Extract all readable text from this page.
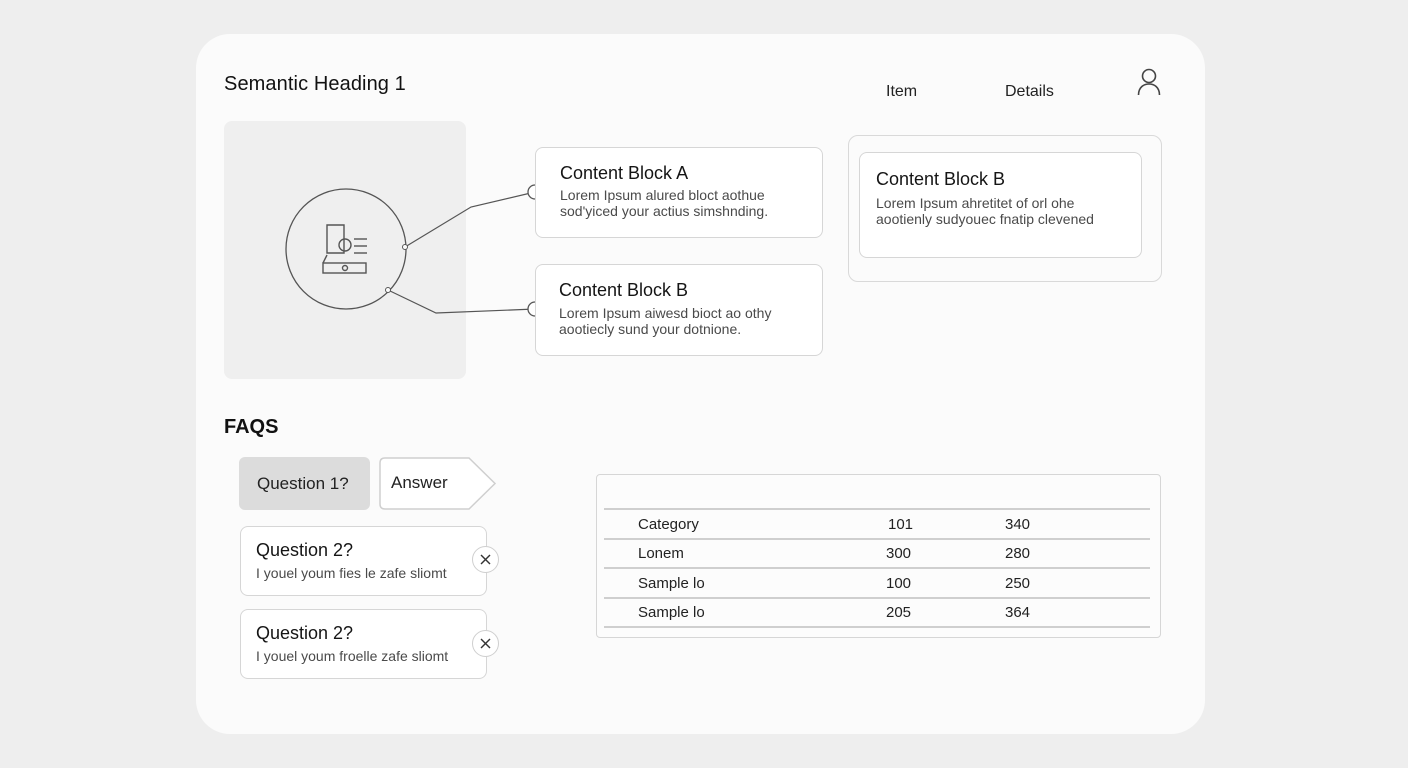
Semantic Heading 1
Content Block A
Lorem Ipsum alured bloct aothue
sod'yiced your actius simshnding.
Content Block B
Lorem Ipsum aiwesd bioct ao othy
aootiecly sund your dotnione.
Content Block B
Lorem Ipsum ahretitet of orl ohe
aootienly sudyouec fnatip clevened
FAQS
Question 1?	Answer
Question 2?
I youel youm fies le zafe sliomt
Question 2?
I youel youm froelle zafe sliomt
Item	Details
Category	101	340
Lonem	300	280
Sample lo	100	250
Sample lo	205	364
